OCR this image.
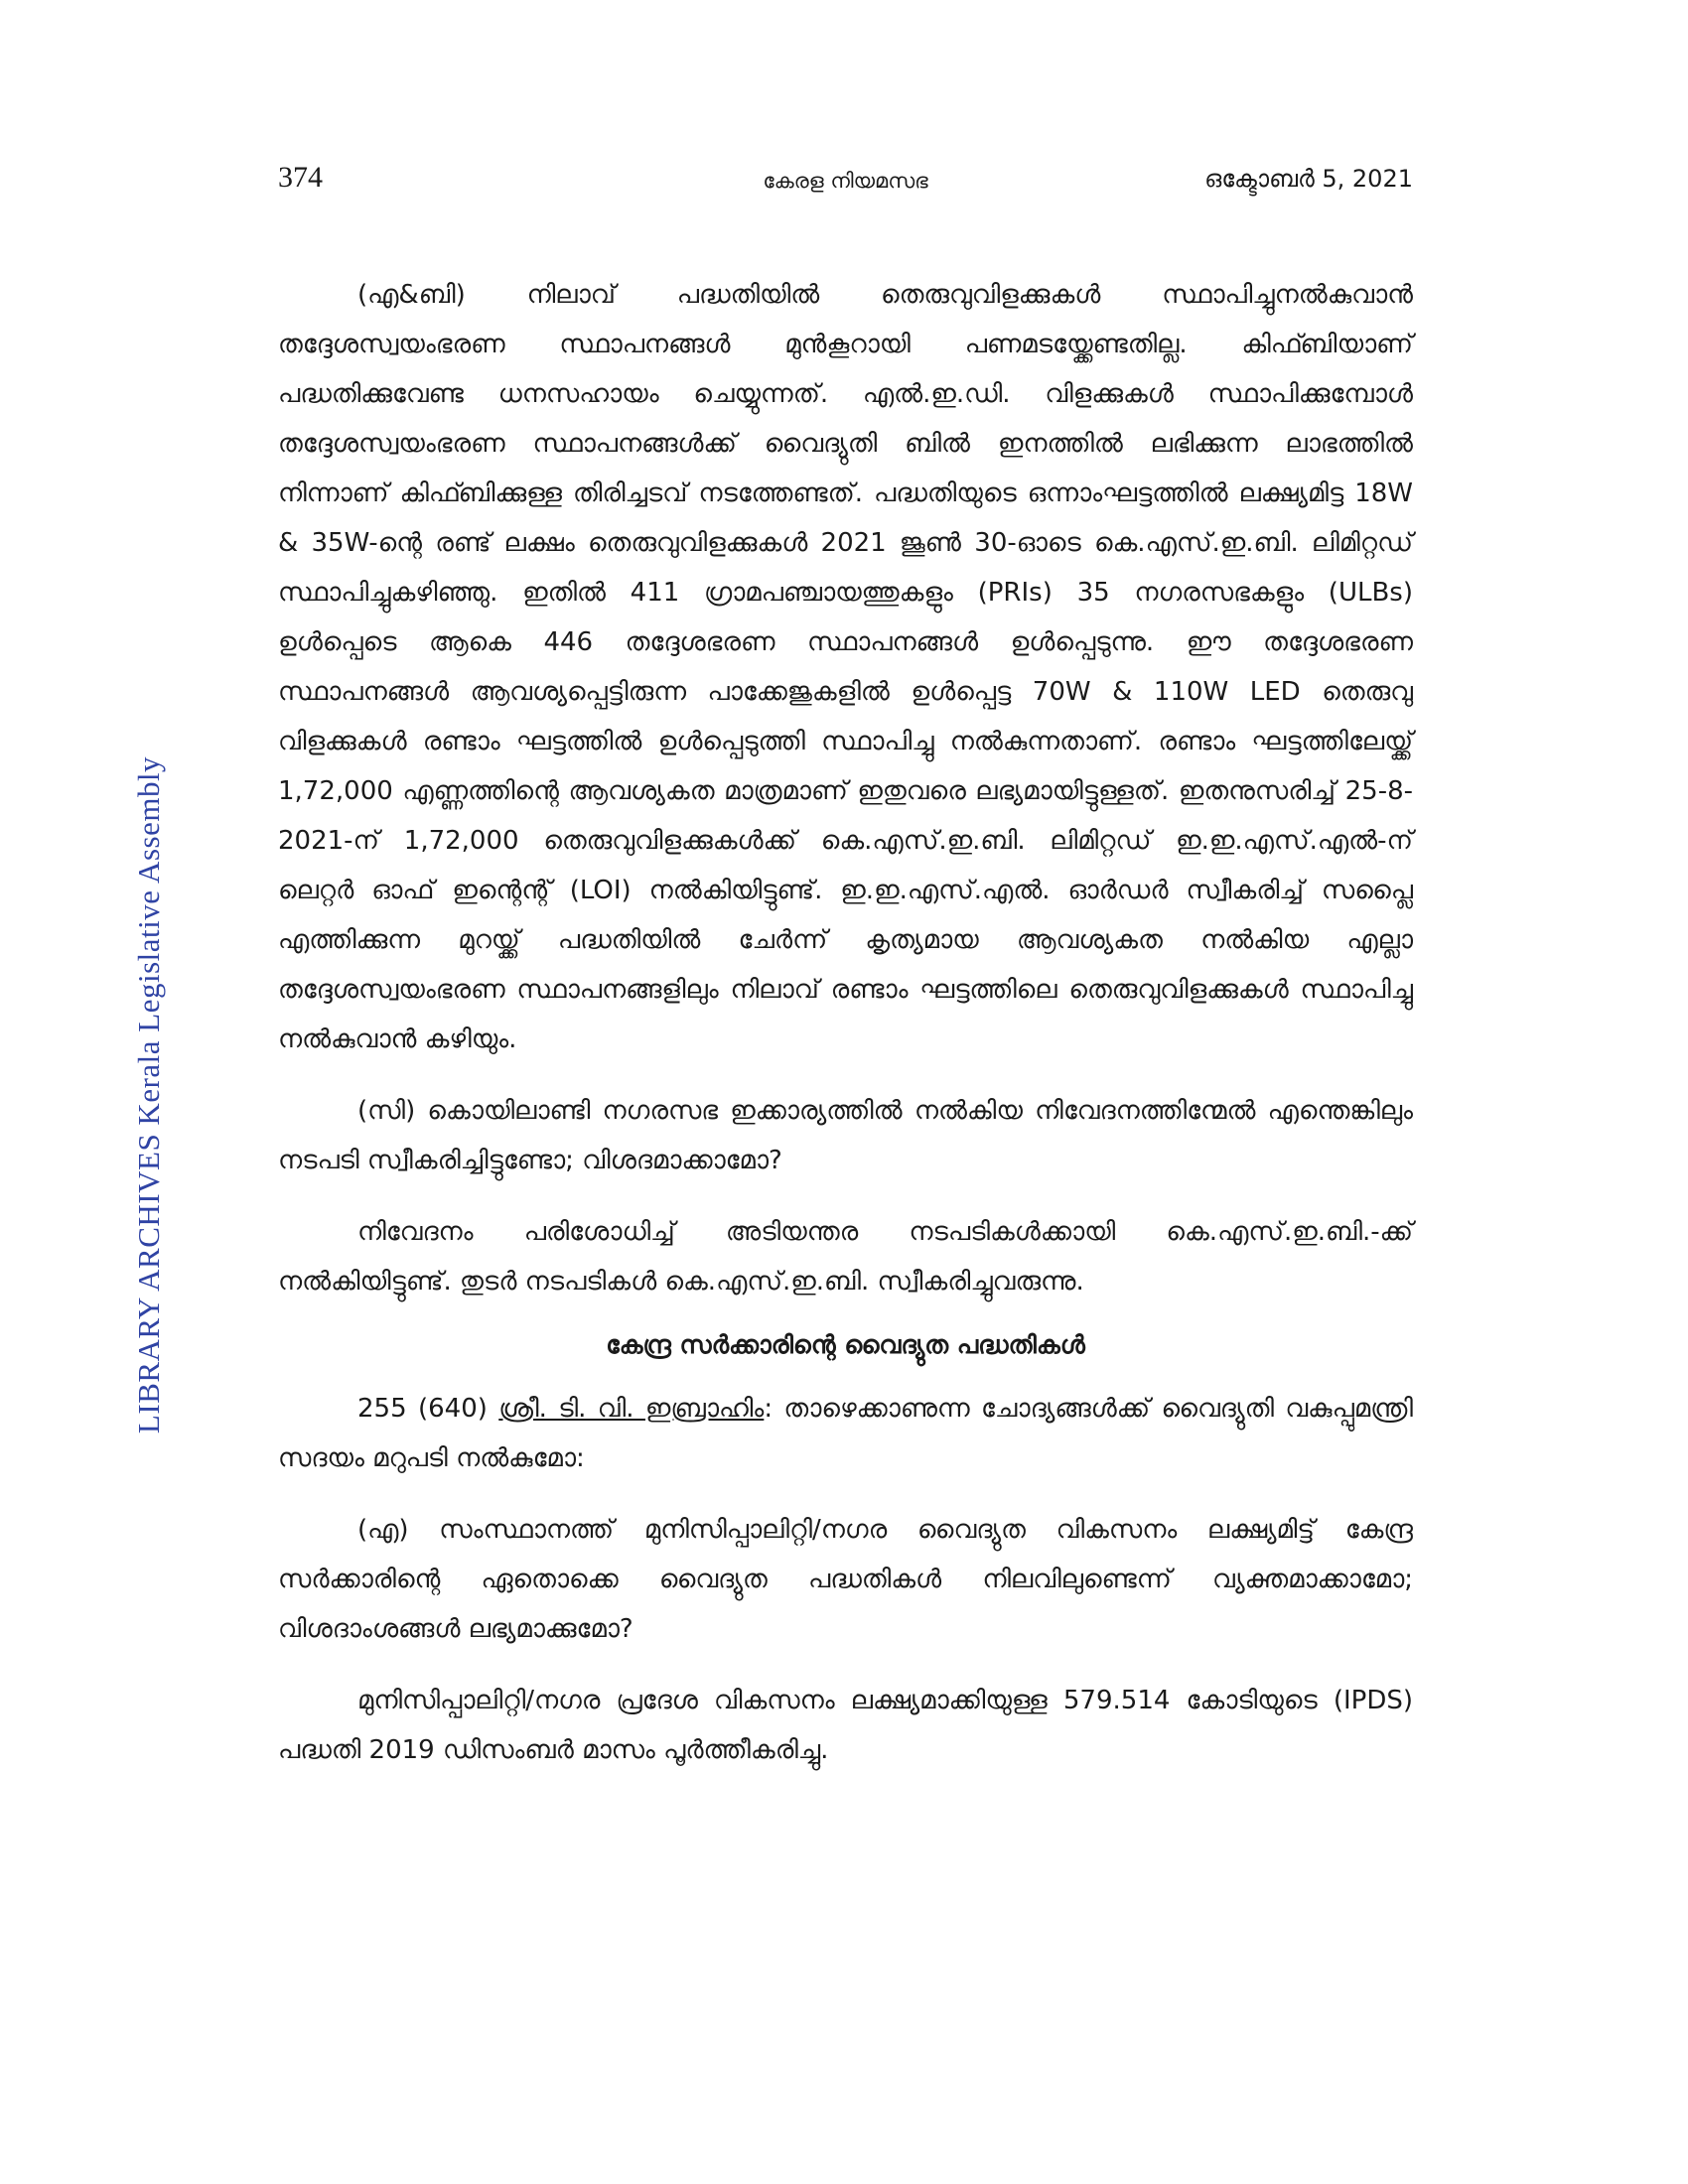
LIBRARY ARCHIVES Kerala Legislative Assembly
374	കേരള നിയമസഭ	ഒക്ടോബർ 5, 2021

(എ&ബി) നിലാവ് പദ്ധതിയിൽ തെരുവുവിളക്കുകൾ സ്ഥാപിച്ചുനൽകുവാൻ തദ്ദേശസ്വയംഭരണ സ്ഥാപനങ്ങൾ മുൻകൂറായി പണമടയ്ക്കേണ്ടതില്ല. കിഫ്ബിയാണ് പദ്ധതിക്കുവേണ്ട ധനസഹായം ചെയ്യുന്നത്. എൽ.ഇ.ഡി. വിളക്കുകൾ സ്ഥാപിക്കുമ്പോൾ തദ്ദേശസ്വയംഭരണ സ്ഥാപനങ്ങൾക്ക് വൈദ്യുതി ബിൽ ഇനത്തിൽ ലഭിക്കുന്ന ലാഭത്തിൽ നിന്നാണ് കിഫ്ബിക്കുള്ള തിരിച്ചടവ് നടത്തേണ്ടത്. പദ്ധതിയുടെ ഒന്നാംഘട്ടത്തിൽ ലക്ഷ്യമിട്ട 18W & 35W-ന്റെ രണ്ട് ലക്ഷം തെരുവുവിളക്കുകൾ 2021 ജൂൺ 30-ഓടെ കെ.എസ്.ഇ.ബി. ലിമിറ്റഡ് സ്ഥാപിച്ചുകഴിഞ്ഞു. ഇതിൽ 411 ഗ്രാമപഞ്ചായത്തുകളും (PRIs) 35 നഗരസഭകളും (ULBs) ഉൾപ്പെടെ ആകെ 446 തദ്ദേശഭരണ സ്ഥാപനങ്ങൾ ഉൾപ്പെടുന്നു. ഈ തദ്ദേശഭരണ സ്ഥാപനങ്ങൾ ആവശ്യപ്പെട്ടിരുന്ന പാക്കേജുകളിൽ ഉൾപ്പെട്ട 70W & 110W LED തെരുവു വിളക്കുകൾ രണ്ടാം ഘട്ടത്തിൽ ഉൾപ്പെടുത്തി സ്ഥാപിച്ചു നൽകുന്നതാണ്. രണ്ടാം ഘട്ടത്തിലേയ്ക്ക് 1,72,000 എണ്ണത്തിന്റെ ആവശ്യകത മാത്രമാണ് ഇതുവരെ ലഭ്യമായിട്ടുള്ളത്. ഇതനുസരിച്ച് 25-8-2021-ന് 1,72,000 തെരുവുവിളക്കുകൾക്ക് കെ.എസ്.ഇ.ബി. ലിമിറ്റഡ് ഇ.ഇ.എസ്.എൽ-ന് ലെറ്റർ ഓഫ് ഇന്റെന്റ് (LOI) നൽകിയിട്ടുണ്ട്. ഇ.ഇ.എസ്.എൽ. ഓർഡർ സ്വീകരിച്ച് സപ്ലൈ എത്തിക്കുന്ന മുറയ്ക്ക് പദ്ധതിയിൽ ചേർന്ന് കൃത്യമായ ആവശ്യകത നൽകിയ എല്ലാ തദ്ദേശസ്വയംഭരണ സ്ഥാപനങ്ങളിലും നിലാവ് രണ്ടാം ഘട്ടത്തിലെ തെരുവുവിളക്കുകൾ സ്ഥാപിച്ചു നൽകുവാൻ കഴിയും.

(സി) കൊയിലാണ്ടി നഗരസഭ ഇക്കാര്യത്തിൽ നൽകിയ നിവേദനത്തിന്മേൽ എന്തെങ്കിലും നടപടി സ്വീകരിച്ചിട്ടുണ്ടോ; വിശദമാക്കാമോ?

നിവേദനം പരിശോധിച്ച് അടിയന്തര നടപടികൾക്കായി കെ.എസ്.ഇ.ബി.-ക്ക് നൽകിയിട്ടുണ്ട്. തുടർ നടപടികൾ കെ.എസ്.ഇ.ബി. സ്വീകരിച്ചുവരുന്നു.

കേന്ദ്ര സർക്കാരിന്റെ വൈദ്യുത പദ്ധതികൾ

255 (640) ശ്രീ. ടി. വി. ഇബ്രാഹിം: താഴെക്കാണുന്ന ചോദ്യങ്ങൾക്ക് വൈദ്യുതി വകുപ്പുമന്ത്രി സദയം മറുപടി നൽകുമോ:

(എ) സംസ്ഥാനത്ത് മുനിസിപ്പാലിറ്റി/നഗര വൈദ്യുത വികസനം ലക്ഷ്യമിട്ട് കേന്ദ്ര സർക്കാരിന്റെ ഏതൊക്കെ വൈദ്യുത പദ്ധതികൾ നിലവിലുണ്ടെന്ന് വ്യക്തമാക്കാമോ; വിശദാംശങ്ങൾ ലഭ്യമാക്കുമോ?

മുനിസിപ്പാലിറ്റി/നഗര പ്രദേശ വികസനം ലക്ഷ്യമാക്കിയുള്ള 579.514 കോടിയുടെ (IPDS) പദ്ധതി 2019 ഡിസംബർ മാസം പൂർത്തീകരിച്ചു.
